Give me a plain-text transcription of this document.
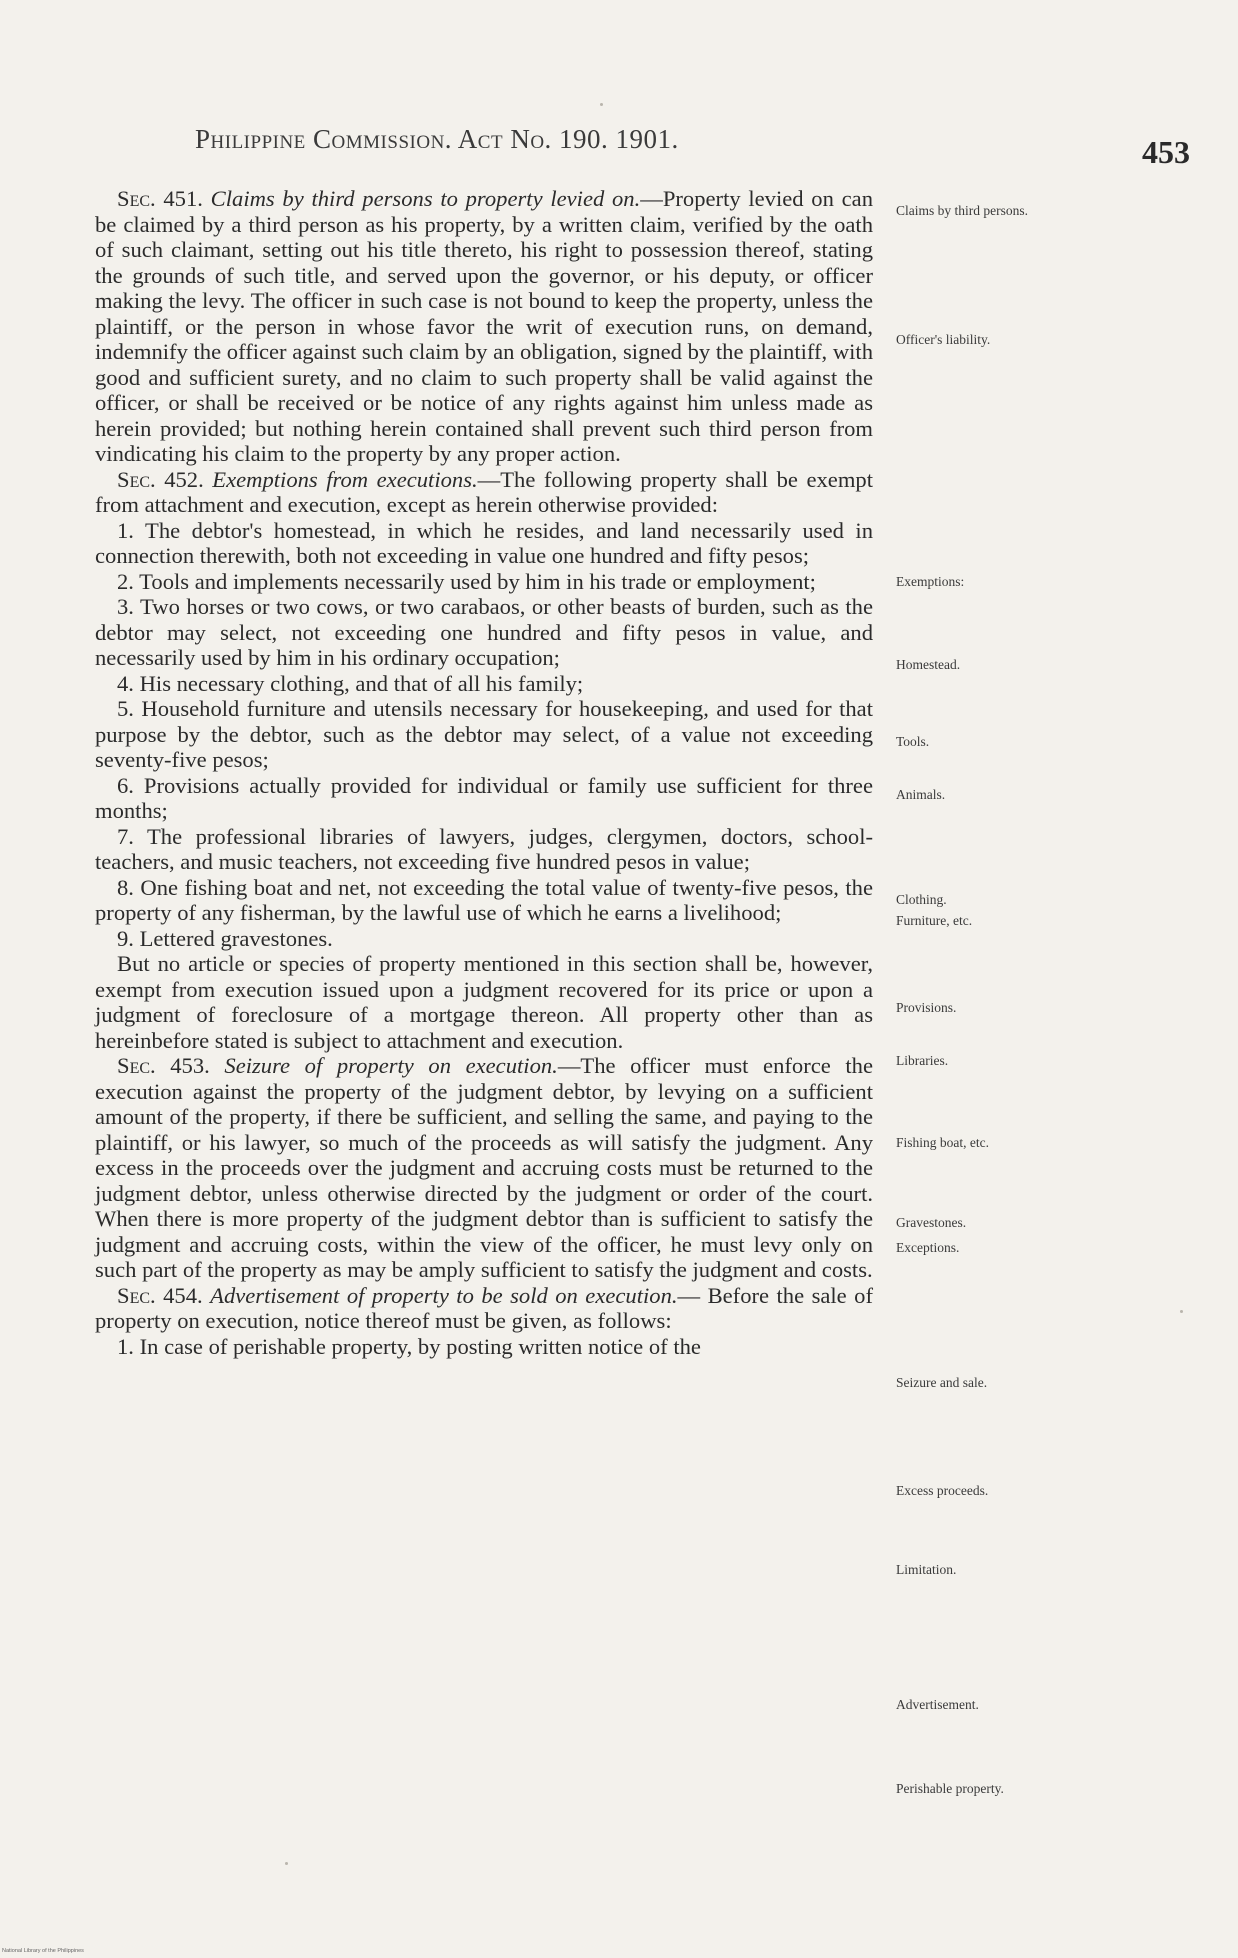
Philippine Commission. Act No. 190. 1901.	453

Sec. 451. Claims by third persons to property levied on.—Property levied on can be claimed by a third person as his property, by a written claim, verified by the oath of such claimant, setting out his title thereto, his right to possession thereof, stating the grounds of such title, and served upon the governor, or his deputy, or officer making the levy. The officer in such case is not bound to keep the property, unless the plaintiff, or the person in whose favor the writ of execution runs, on demand, indemnify the officer against such claim by an obligation, signed by the plaintiff, with good and sufficient surety, and no claim to such property shall be valid against the officer, or shall be received or be notice of any rights against him unless made as herein provided; but nothing herein contained shall prevent such third person from vindicating his claim to the property by any proper action.

Sec. 452. Exemptions from executions.—The following property shall be exempt from attachment and execution, except as herein otherwise provided:

1. The debtor's homestead, in which he resides, and land necessarily used in connection therewith, both not exceeding in value one hundred and fifty pesos;

2. Tools and implements necessarily used by him in his trade or employment;

3. Two horses or two cows, or two carabaos, or other beasts of burden, such as the debtor may select, not exceeding one hundred and fifty pesos in value, and necessarily used by him in his ordinary occupation;

4. His necessary clothing, and that of all his family;

5. Household furniture and utensils necessary for housekeeping, and used for that purpose by the debtor, such as the debtor may select, of a value not exceeding seventy-five pesos;

6. Provisions actually provided for individual or family use sufficient for three months;

7. The professional libraries of lawyers, judges, clergymen, doctors, school-teachers, and music teachers, not exceeding five hundred pesos in value;

8. One fishing boat and net, not exceeding the total value of twenty-five pesos, the property of any fisherman, by the lawful use of which he earns a livelihood;

9. Lettered gravestones.

But no article or species of property mentioned in this section shall be, however, exempt from execution issued upon a judgment recovered for its price or upon a judgment of foreclosure of a mortgage thereon. All property other than as hereinbefore stated is subject to attachment and execution.

Sec. 453. Seizure of property on execution.—The officer must enforce the execution against the property of the judgment debtor, by levying on a sufficient amount of the property, if there be sufficient, and selling the same, and paying to the plaintiff, or his lawyer, so much of the proceeds as will satisfy the judgment. Any excess in the proceeds over the judgment and accruing costs must be returned to the judgment debtor, unless otherwise directed by the judgment or order of the court. When there is more property of the judgment debtor than is sufficient to satisfy the judgment and accruing costs, within the view of the officer, he must levy only on such part of the property as may be amply sufficient to satisfy the judgment and costs.

Sec. 454. Advertisement of property to be sold on execution.— Before the sale of property on execution, notice thereof must be given, as follows:

1. In case of perishable property, by posting written notice of the

Claims by third persons.
Officer's liability.
Exemptions:
Homestead.
Tools.
Animals.
Clothing.
Furniture, etc.
Provisions.
Libraries.
Fishing boat, etc.
Gravestones.
Exceptions.
Seizure and sale.
Excess proceeds.
Limitation.
Advertisement.
Perishable property.
National Library of the Philippines
